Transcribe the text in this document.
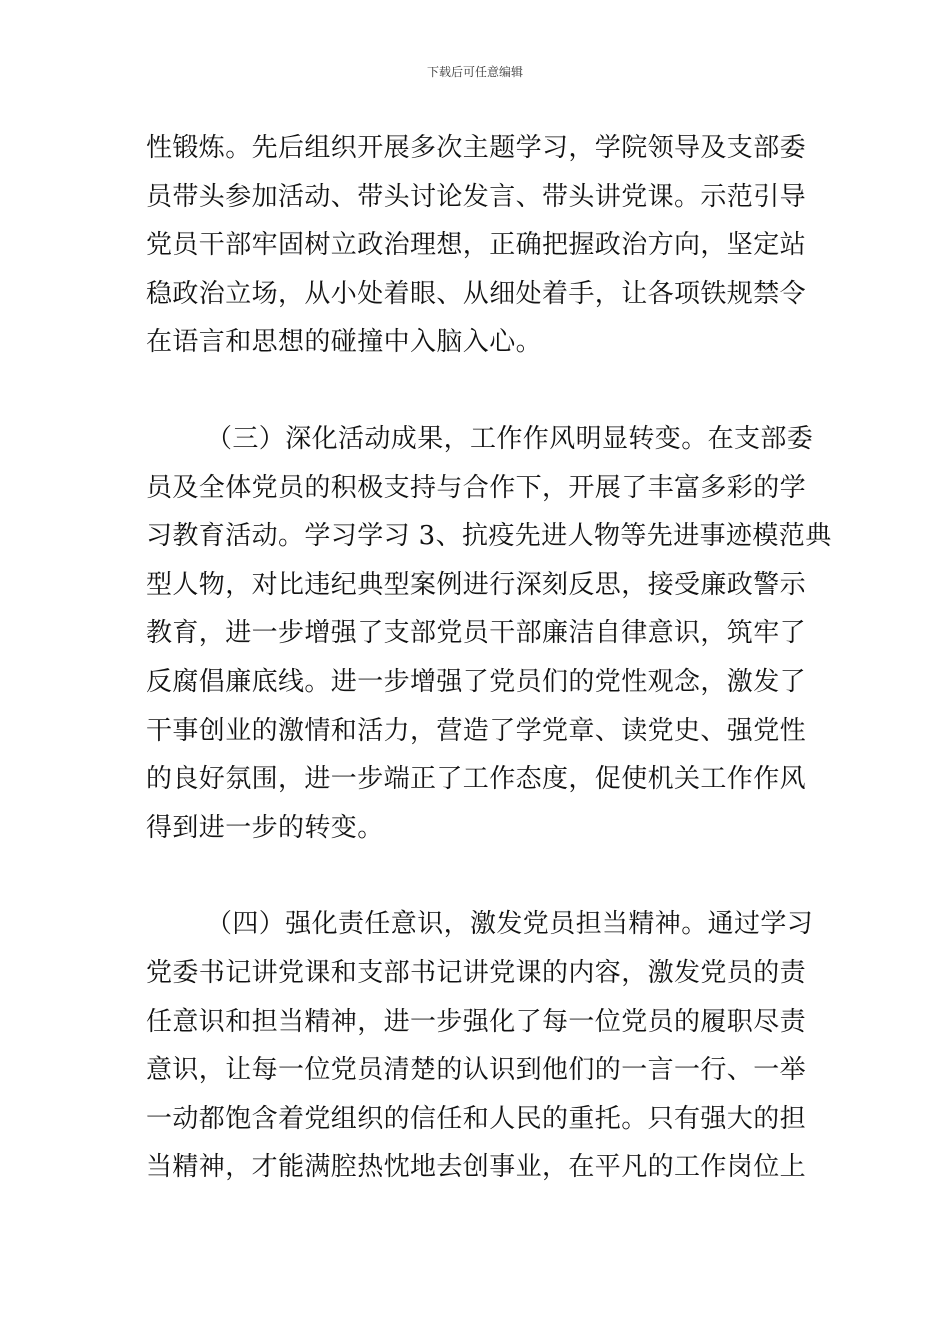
下载后可任意编辑
性锻炼。先后组织开展多次主题学习，学院领导及支部委
员带头参加活动、带头讨论发言、带头讲党课。示范引导
党员干部牢固树立政治理想，正确把握政治方向，坚定站
稳政治立场，从小处着眼、从细处着手，让各项铁规禁令
在语言和思想的碰撞中入脑入心。
（三）深化活动成果，工作作风明显转变。在支部委
员及全体党员的积极支持与合作下，开展了丰富多彩的学
习教育活动。学习学习 3、抗疫先进人物等先进事迹模范典
型人物，对比违纪典型案例进行深刻反思，接受廉政警示
教育，进一步增强了支部党员干部廉洁自律意识，筑牢了
反腐倡廉底线。进一步增强了党员们的党性观念，激发了
干事创业的激情和活力，营造了学党章、读党史、强党性
的良好氛围，进一步端正了工作态度，促使机关工作作风
得到进一步的转变。
（四）强化责任意识，激发党员担当精神。通过学习
党委书记讲党课和支部书记讲党课的内容，激发党员的责
任意识和担当精神，进一步强化了每一位党员的履职尽责
意识，让每一位党员清楚的认识到他们的一言一行、一举
一动都饱含着党组织的信任和人民的重托。只有强大的担
当精神，才能满腔热忱地去创事业，在平凡的工作岗位上
